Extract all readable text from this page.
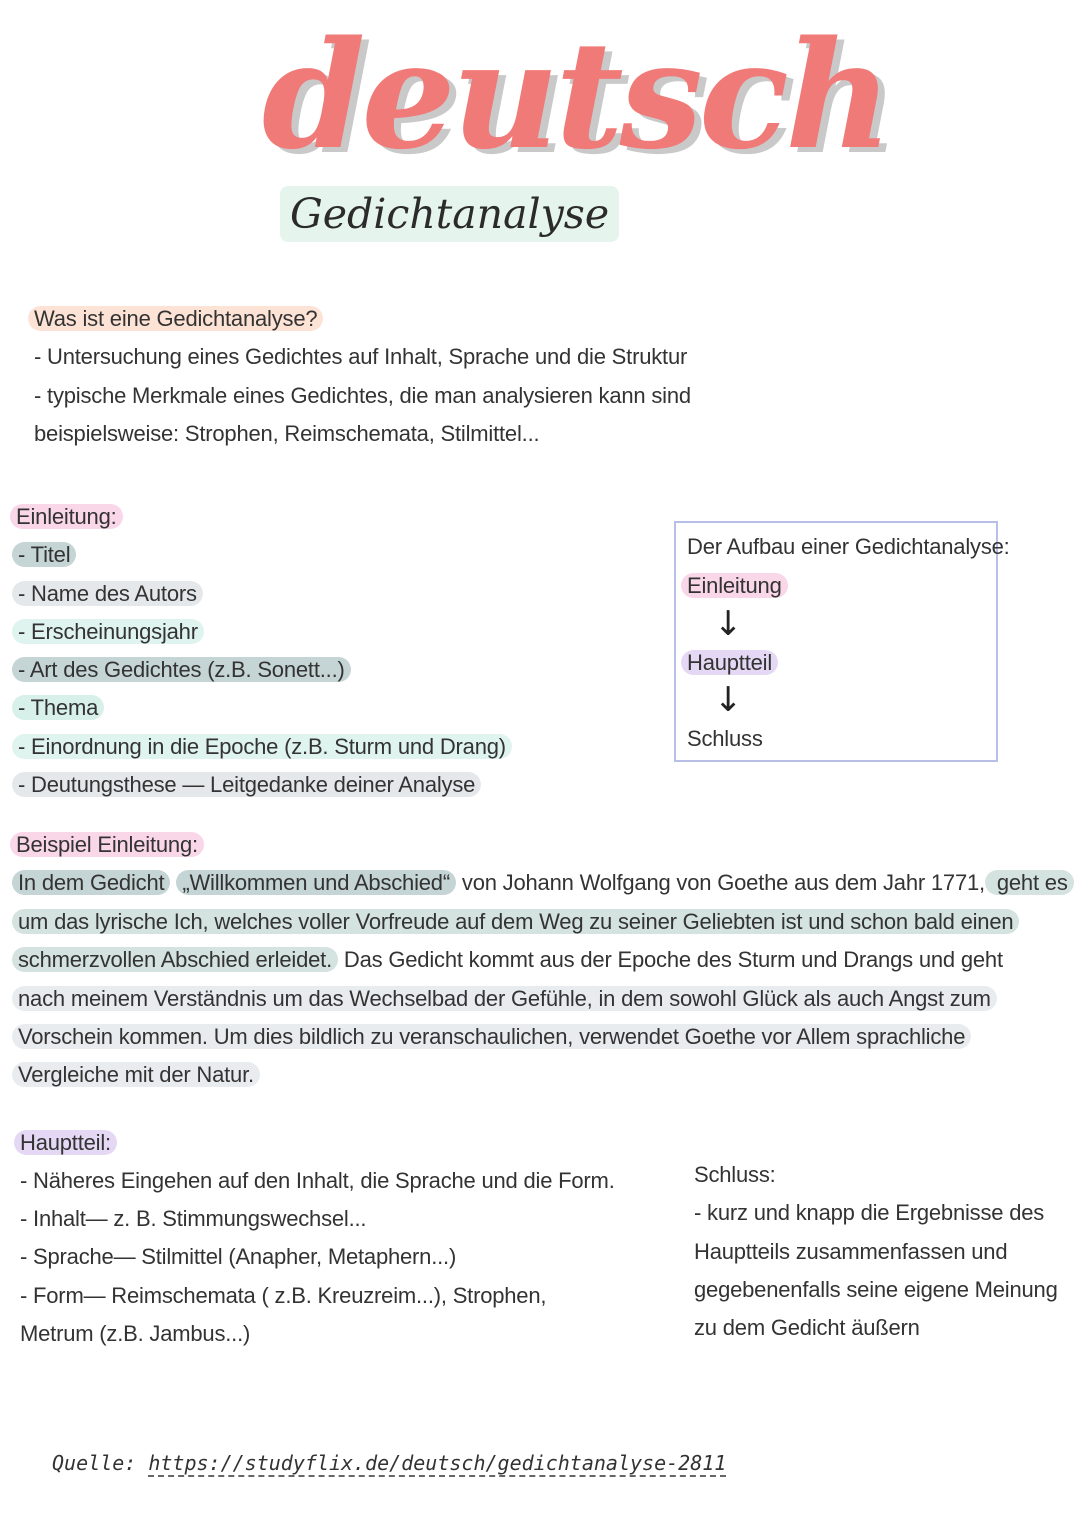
deutsch
Gedichtanalyse
Was ist eine Gedichtanalyse?
- Untersuchung eines Gedichtes auf Inhalt, Sprache und die Struktur
- typische Merkmale eines Gedichtes, die man analysieren kann sind
beispielsweise: Strophen, Reimschemata, Stilmittel...
Einleitung:
- Titel
- Name des Autors
- Erscheinungsjahr
- Art des Gedichtes (z.B. Sonett...)
- Thema
- Einordnung in die Epoche (z.B. Sturm und Drang)
- Deutungsthese — Leitgedanke deiner Analyse
Der Aufbau einer Gedichtanalyse:
Einleitung
↓
Hauptteil
↓
Schluss
Beispiel Einleitung:
In dem Gedicht „Willkommen und Abschied“ von Johann Wolfgang von Goethe aus dem Jahr 1771, geht es
um das lyrische Ich, welches voller Vorfreude auf dem Weg zu seiner Geliebten ist und schon bald einen
schmerzvollen Abschied erleidet. Das Gedicht kommt aus der Epoche des Sturm und Drangs und geht
nach meinem Verständnis um das Wechselbad der Gefühle, in dem sowohl Glück als auch Angst zum
Vorschein kommen. Um dies bildlich zu veranschaulichen, verwendet Goethe vor Allem sprachliche
Vergleiche mit der Natur.
Hauptteil:
- Näheres Eingehen auf den Inhalt, die Sprache und die Form.
- Inhalt— z. B. Stimmungswechsel...
- Sprache— Stilmittel (Anapher, Metaphern...)
- Form— Reimschemata ( z.B. Kreuzreim...), Strophen,
Metrum (z.B. Jambus...)
Schluss:
- kurz und knapp die Ergebnisse des
Hauptteils zusammenfassen und
gegebenenfalls seine eigene Meinung
zu dem Gedicht äußern
Quelle: https://studyflix.de/deutsch/gedichtanalyse-2811
